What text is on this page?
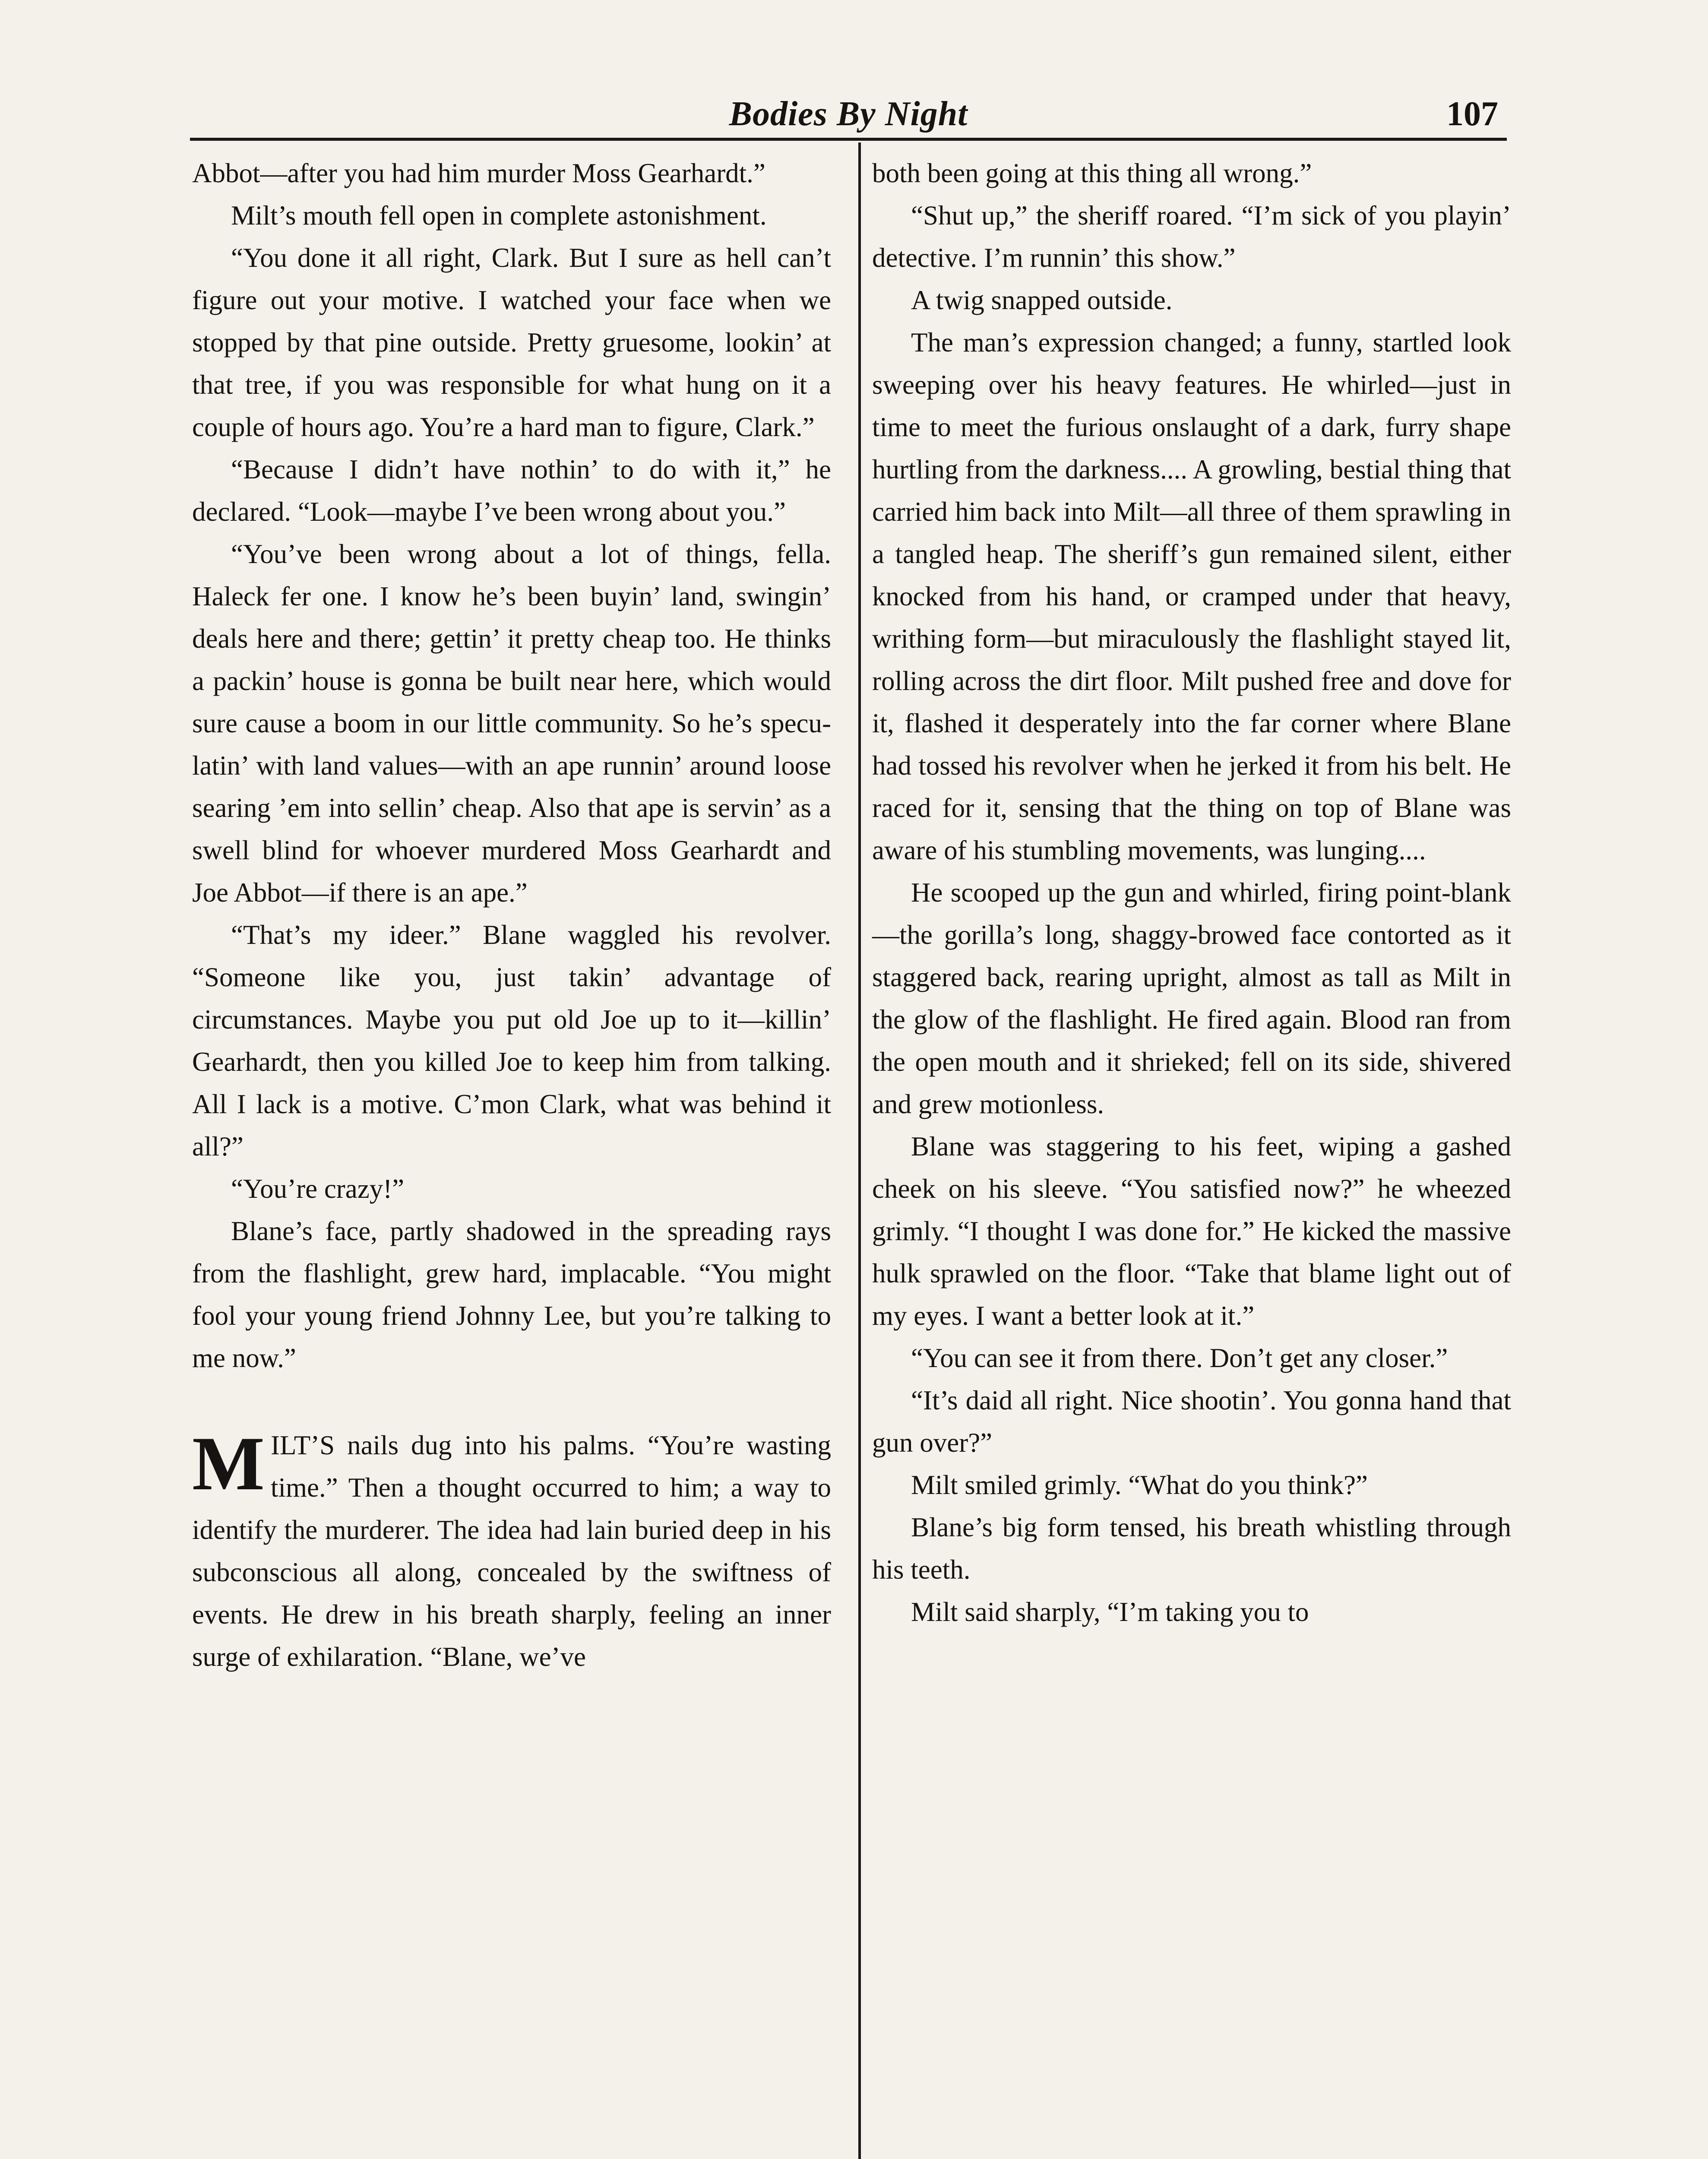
Bodies By Night	107

Abbot—after you had him murder Moss Gearhardt.”

Milt’s mouth fell open in complete astonishment.

“You done it all right, Clark. But I sure as hell can’t figure out your motive. I watched your face when we stopped by that pine outside. Pretty gruesome, lookin’ at that tree, if you was responsible for what hung on it a couple of hours ago. You’re a hard man to figure, Clark.”

“Because I didn’t have nothin’ to do with it,” he declared. “Look—maybe I’ve been wrong about you.”

“You’ve been wrong about a lot of things, fella. Haleck fer one. I know he’s been buyin’ land, swingin’ deals here and there; gettin’ it pretty cheap too. He thinks a packin’ house is gonna be built near here, which would sure cause a boom in our little community. So he’s speculatin’ with land values—with an ape runnin’ around loose searing ’em into sellin’ cheap. Also that ape is servin’ as a swell blind for whoever murdered Moss Gearhardt and Joe Abbot—if there is an ape.”

“That’s my ideer.” Blane waggled his revolver. “Someone like you, just takin’ advantage of circumstances. Maybe you put old Joe up to it—killin’ Gearhardt, then you killed Joe to keep him from talking. All I lack is a motive. C’mon Clark, what was behind it all?”

“You’re crazy!”

Blane’s face, partly shadowed in the spreading rays from the flashlight, grew hard, implacable. “You might fool your young friend Johnny Lee, but you’re talking to me now.”

MILT’S nails dug into his palms. “You’re wasting time.” Then a thought occurred to him; a way to identify the murderer. The idea had lain buried deep in his subconscious all along, concealed by the swiftness of events. He drew in his breath sharply, feeling an inner surge of exhilaration. “Blane, we’ve

both been going at this thing all wrong.”

“Shut up,” the sheriff roared. “I’m sick of you playin’ detective. I’m runnin’ this show.”

A twig snapped outside.

The man’s expression changed; a funny, startled look sweeping over his heavy features. He whirled—just in time to meet the furious onslaught of a dark, furry shape hurtling from the darkness.... A growling, bestial thing that carried him back into Milt—all three of them sprawling in a tangled heap. The sheriff’s gun remained silent, either knocked from his hand, or cramped under that heavy, writhing form—but miraculously the flashlight stayed lit, rolling across the dirt floor. Milt pushed free and dove for it, flashed it desperately into the far corner where Blane had tossed his revolver when he jerked it from his belt. He raced for it, sensing that the thing on top of Blane was aware of his stumbling movements, was lunging....

He scooped up the gun and whirled, firing point-blank—the gorilla’s long, shaggy-browed face contorted as it staggered back, rearing upright, almost as tall as Milt in the glow of the flashlight. He fired again. Blood ran from the open mouth and it shrieked; fell on its side, shivered and grew motionless.

Blane was staggering to his feet, wiping a gashed cheek on his sleeve. “You satisfied now?” he wheezed grimly. “I thought I was done for.” He kicked the massive hulk sprawled on the floor. “Take that blame light out of my eyes. I want a better look at it.”

“You can see it from there. Don’t get any closer.”

“It’s daid all right. Nice shootin’. You gonna hand that gun over?”

Milt smiled grimly. “What do you think?”

Blane’s big form tensed, his breath whistling through his teeth.

Milt said sharply, “I’m taking you to
